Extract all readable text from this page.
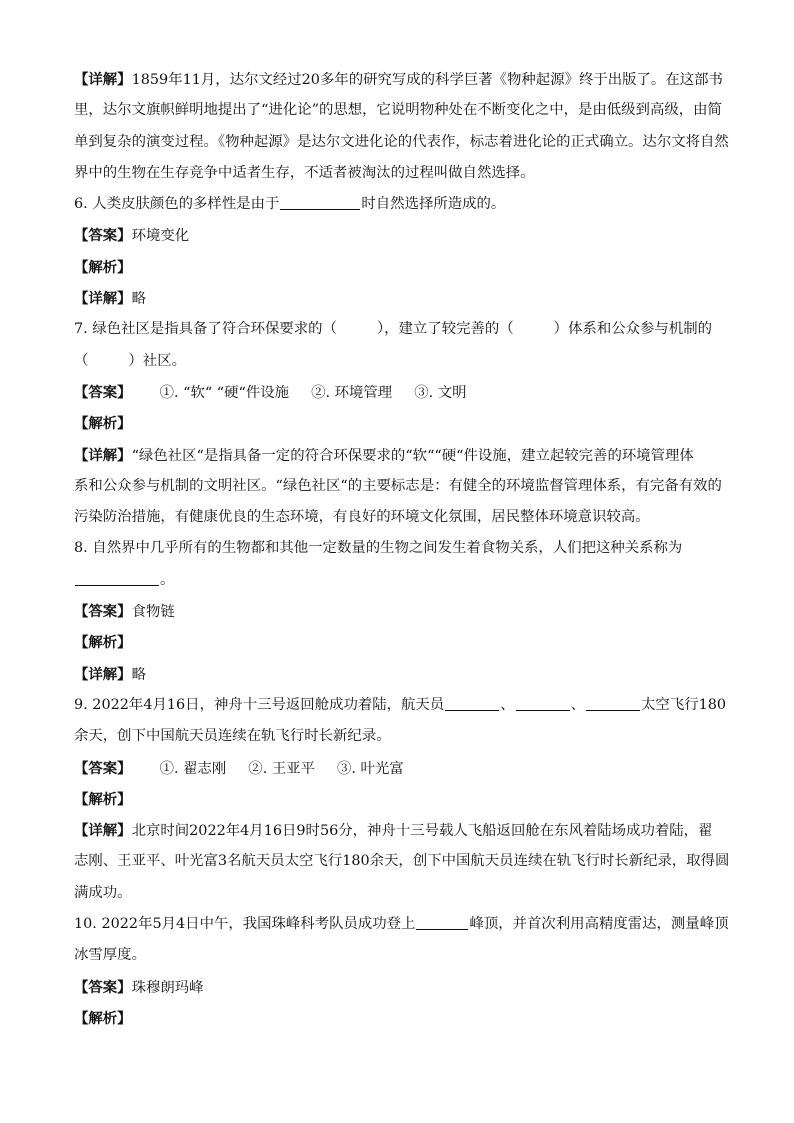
【详解】1859年11月，达尔文经过20多年的研究写成的科学巨著《物种起源》终于出版了。在这部书
里，达尔文旗帜鲜明地提出了“进化论”的思想，它说明物种处在不断变化之中，是由低级到高级，由简
单到复杂的演变过程。《物种起源》是达尔文进化论的代表作，标志着进化论的正式确立。达尔文将自然
界中的生物在生存竞争中适者生存，不适者被淘汰的过程叫做自然选择。
6. 人类皮肤颜色的多样性是由于	时自然选择所造成的。
【答案】环境变化
【解析】
【详解】略
7. 绿色社区是指具备了符合环保要求的（	），建立了较完善的（	）体系和公众参与机制的
（	）社区。
【答案】 ①. “软“ “硬“件设施 ②. 环境管理 ③. 文明
【解析】
【详解】“绿色社区“是指具备一定的符合环保要求的“软““硬“件设施，建立起较完善的环境管理体
系和公众参与机制的文明社区。“绿色社区“的主要标志是：有健全的环境监督管理体系，有完备有效的
污染防治措施，有健康优良的生态环境，有良好的环境文化氛围，居民整体环境意识较高。
8. 自然界中几乎所有的生物都和其他一定数量的生物之间发生着食物关系，人们把这种关系称为
。
【答案】食物链
【解析】
【详解】略
9. 2022年4月16日，神舟十三号返回舱成功着陆，航天员	、	、	太空飞行180
余天，创下中国航天员连续在轨飞行时长新纪录。
【答案】 ①. 翟志刚 ②. 王亚平 ③. 叶光富
【解析】
【详解】北京时间2022年4月16日9时56分，神舟十三号载人飞船返回舱在东风着陆场成功着陆，翟
志刚、王亚平、叶光富3名航天员太空飞行180余天，创下中国航天员连续在轨飞行时长新纪录，取得圆
满成功。
10. 2022年5月4日中午，我国珠峰科考队员成功登上	峰顶，并首次利用高精度雷达，测量峰顶
冰雪厚度。
【答案】珠穆朗玛峰
【解析】
